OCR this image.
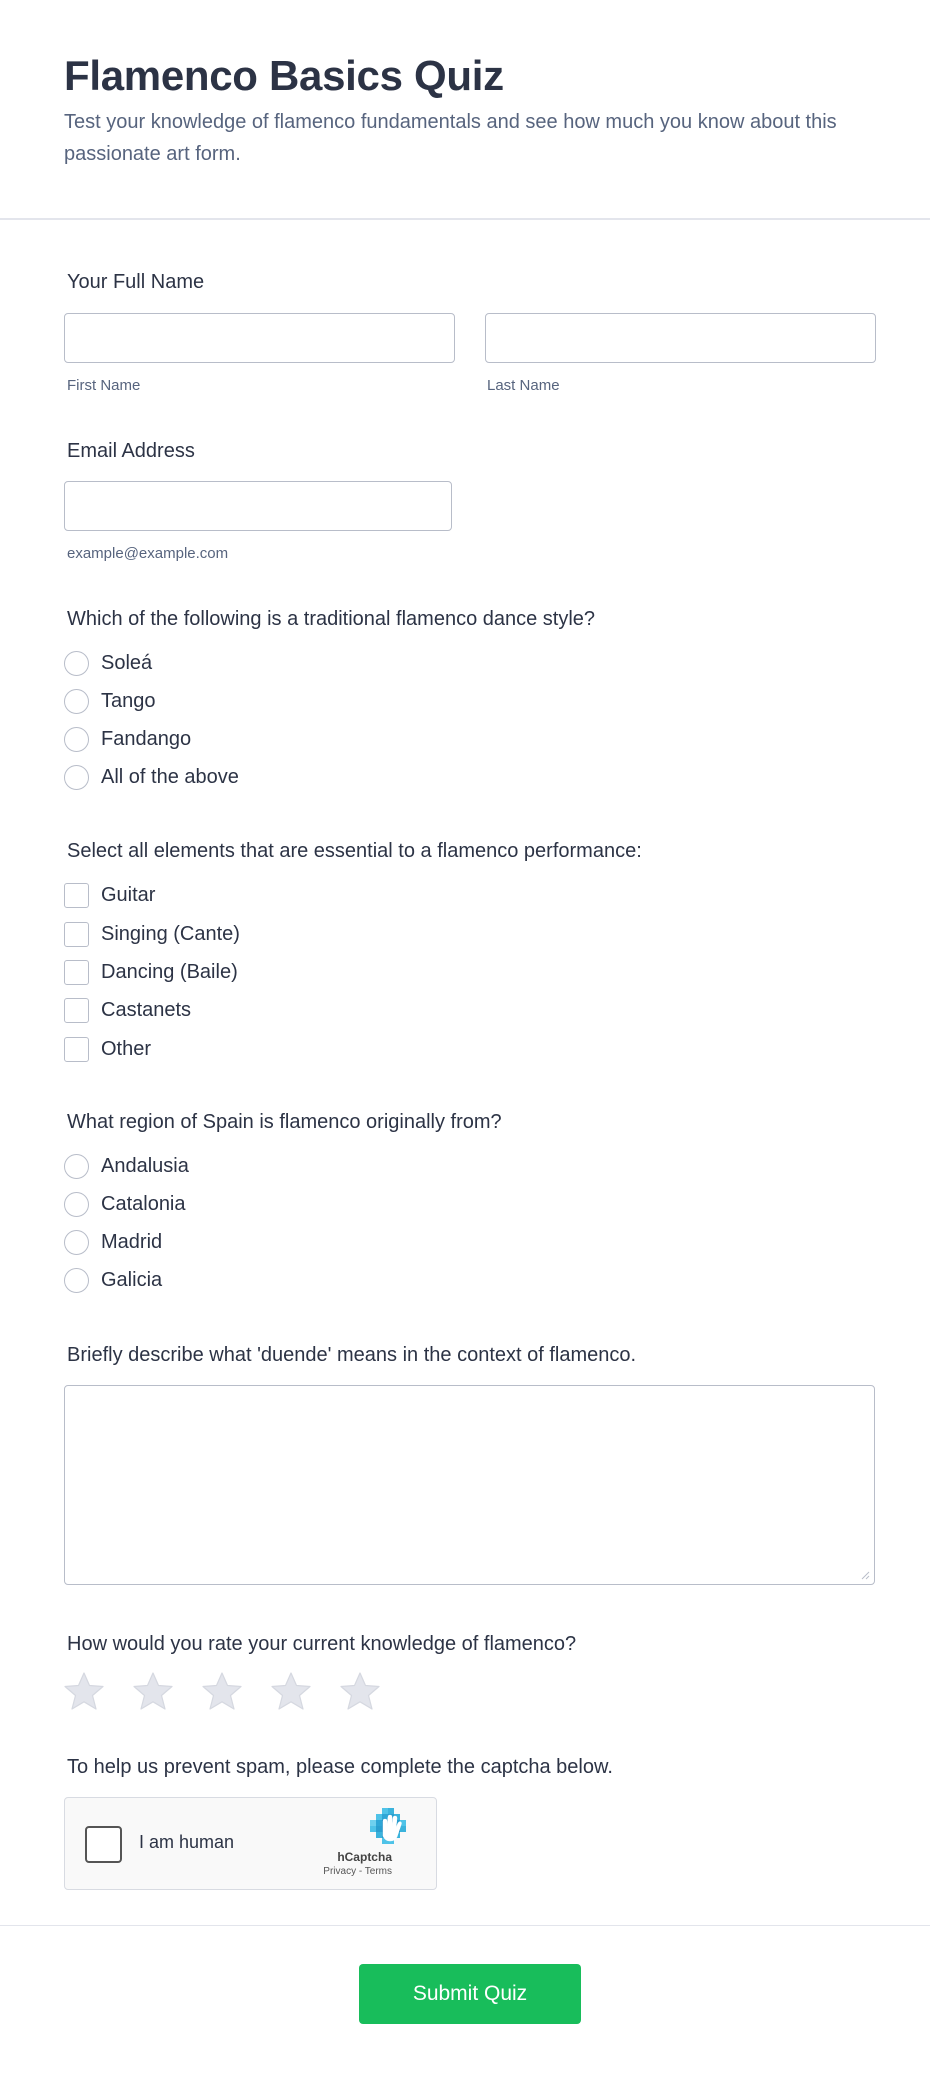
Flamenco Basics Quiz

Test your knowledge of flamenco fundamentals and see how much you know about this passionate art form.

Your Full Name
First Name	Last Name
Email Address
example@example.com
Which of the following is a traditional flamenco dance style?
Soleá
Tango
Fandango
All of the above
Select all elements that are essential to a flamenco performance:
Guitar
Singing (Cante)
Dancing (Baile)
Castanets
Other
What region of Spain is flamenco originally from?
Andalusia
Catalonia
Madrid
Galicia
Briefly describe what 'duende' means in the context of flamenco.
How would you rate your current knowledge of flamenco?
To help us prevent spam, please complete the captcha below.
I am human
hCaptcha
Privacy - Terms
Submit Quiz
